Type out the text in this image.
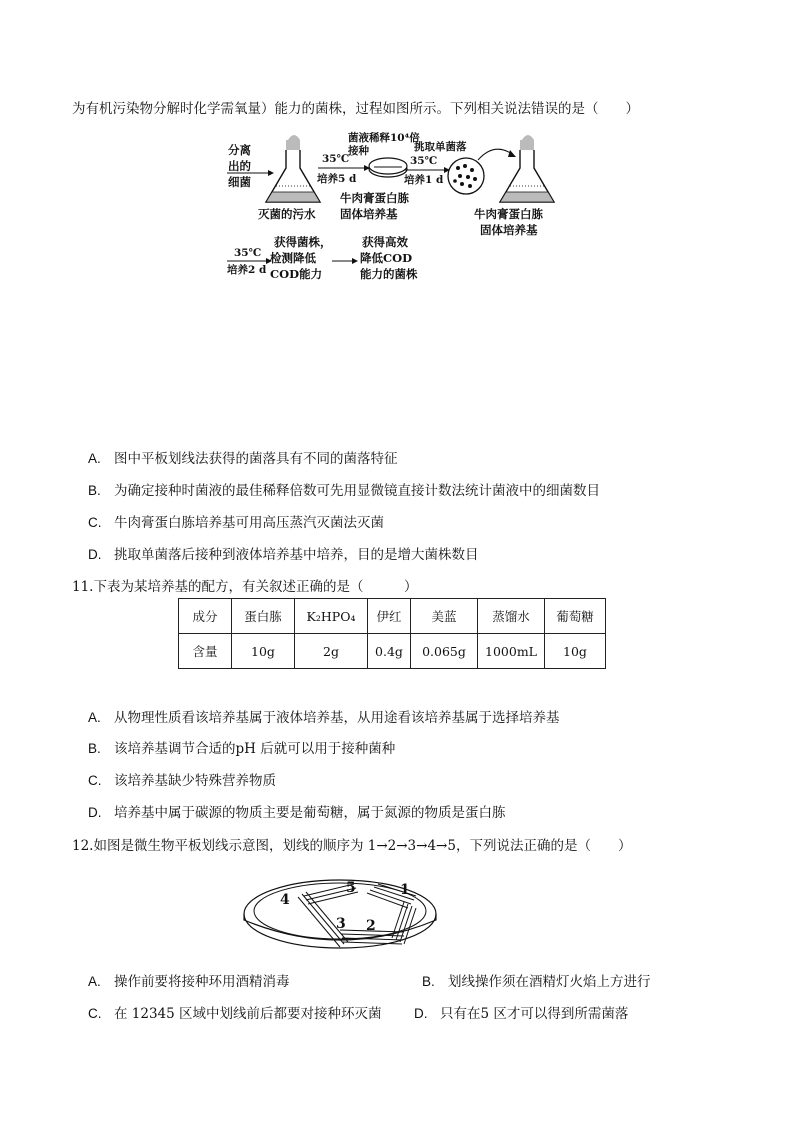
为有机污染物分解时化学需氧量）能力的菌株，过程如图所示。下列相关说法错误的是（　　）
分离
出的
细菌
灭菌的污水
35℃
培养5 d
菌液稀释10⁴倍
接种
牛肉膏蛋白胨
固体培养基
挑取单菌落
35℃
培养1 d
牛肉膏蛋白胨
固体培养基
35℃
培养2 d
获得菌株，
检测降低
COD能力
获得高效
降低COD
能力的菌株
A. 图中平板划线法获得的菌落具有不同的菌落特征
B. 为确定接种时菌液的最佳稀释倍数可先用显微镜直接计数法统计菌液中的细菌数目
C. 牛肉膏蛋白胨培养基可用高压蒸汽灭菌法灭菌
D. 挑取单菌落后接种到液体培养基中培养，目的是增大菌株数目
11.下表为某培养基的配方，有关叙述正确的是（　　　）
成分	蛋白胨	K₂HPO₄	伊红	美蓝	蒸馏水	葡萄糖
含量	10g	2g	0.4g	0.065g	1000mL	10g
A. 从物理性质看该培养基属于液体培养基，从用途看该培养基属于选择培养基
B. 该培养基调节合适的pH 后就可以用于接种菌种
C. 该培养基缺少特殊营养物质
D. 培养基中属于碳源的物质主要是葡萄糖，属于氮源的物质是蛋白胨
12.如图是微生物平板划线示意图，划线的顺序为 1→2→3→4→5，下列说法正确的是（　　）
1
2
3
4
5
A. 操作前要将接种环用酒精消毒	B. 划线操作须在酒精灯火焰上方进行
C. 在 12345 区域中划线前后都要对接种环灭菌 D. 只有在5 区才可以得到所需菌落
